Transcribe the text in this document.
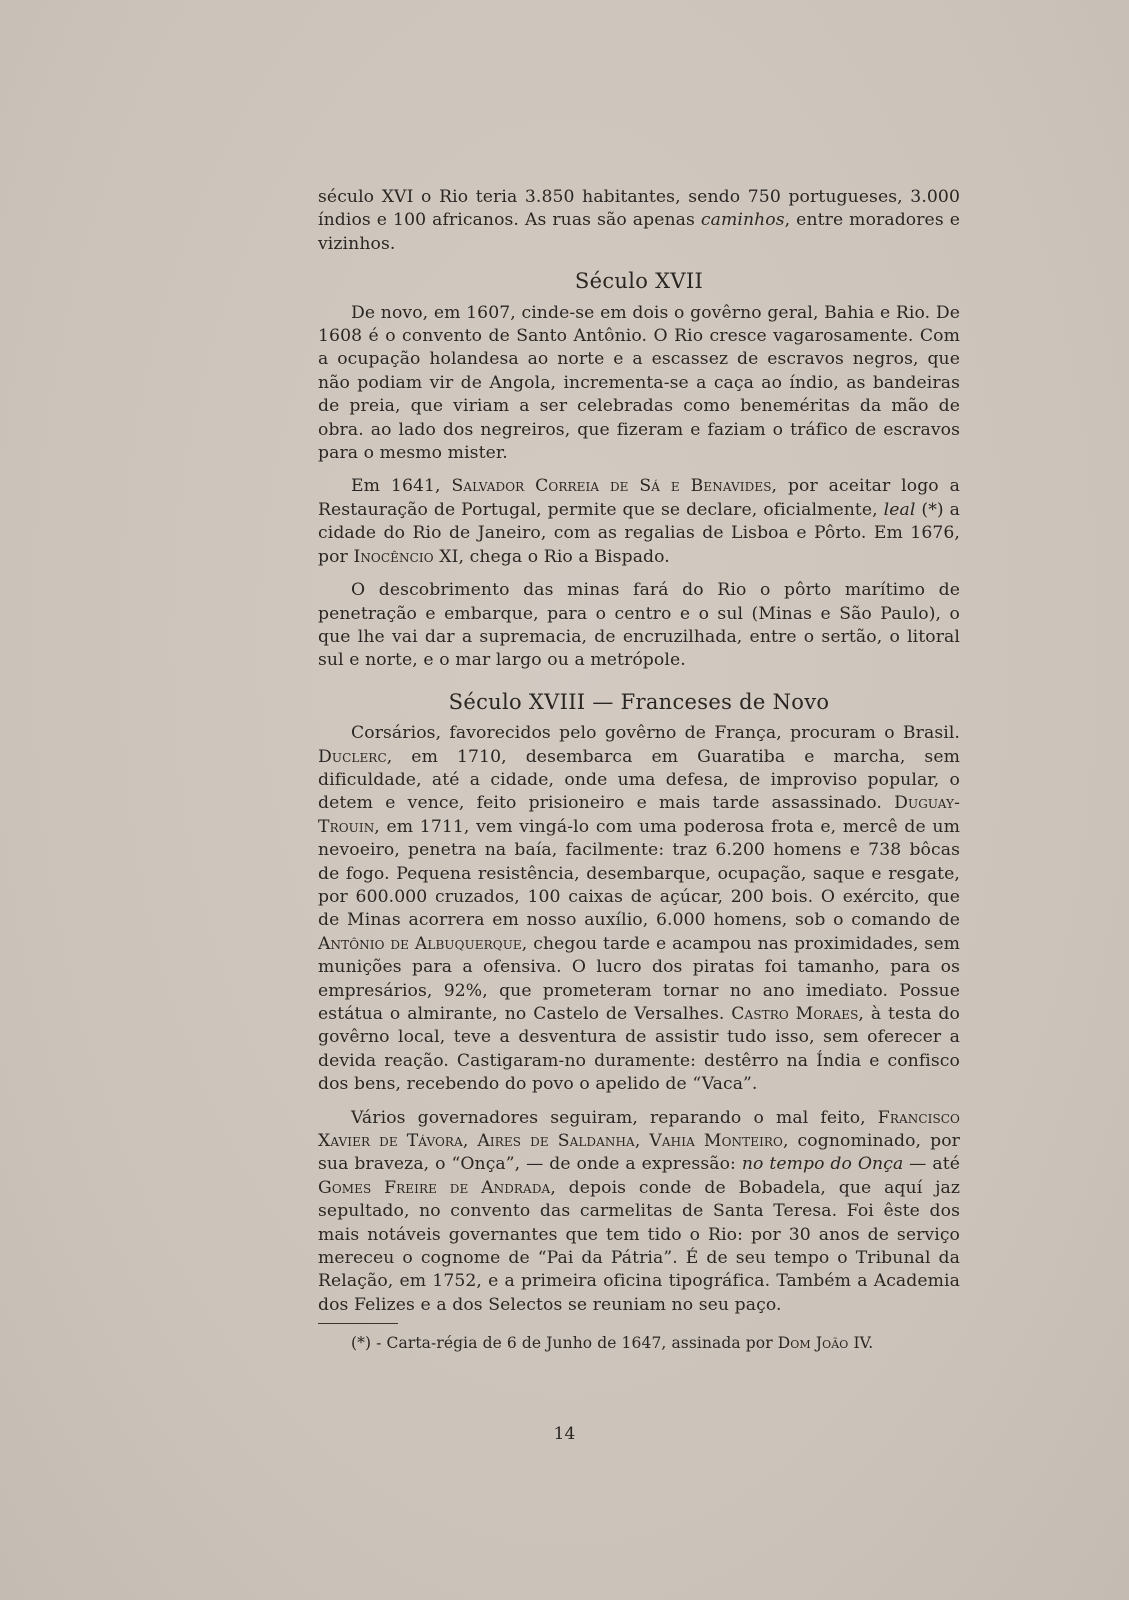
século XVI o Rio teria 3.850 habitantes, sendo 750 portugueses, 3.000 índios e 100 africanos. As ruas são apenas caminhos, entre moradores e vizinhos.

Século XVII

De novo, em 1607, cinde-se em dois o govêrno geral, Bahia e Rio. De 1608 é o convento de Santo Antônio. O Rio cresce vagarosamente. Com a ocupação holandesa ao norte e a escassez de escravos negros, que não podiam vir de Angola, incrementa-se a caça ao índio, as bandeiras de preia, que viriam a ser celebradas como beneméritas da mão de obra. ao lado dos negreiros, que fizeram e faziam o tráfico de escravos para o mesmo mister.

Em 1641, Salvador Correia de Sá e Benavides, por aceitar logo a Restauração de Portugal, permite que se declare, oficialmente, leal (*) a cidade do Rio de Janeiro, com as regalias de Lisboa e Pôrto. Em 1676, por Inocêncio XI, chega o Rio a Bispado.

O descobrimento das minas fará do Rio o pôrto marítimo de penetração e embarque, para o centro e o sul (Minas e São Paulo), o que lhe vai dar a supremacia, de encruzilhada, entre o sertão, o litoral sul e norte, e o mar largo ou a metrópole.

Século XVIII — Franceses de Novo

Corsários, favorecidos pelo govêrno de França, procuram o Brasil. Duclerc, em 1710, desembarca em Guaratiba e marcha, sem dificuldade, até a cidade, onde uma defesa, de improviso popular, o detem e vence, feito prisioneiro e mais tarde assassinado. Duguay-Trouin, em 1711, vem vingá-lo com uma poderosa frota e, mercê de um nevoeiro, penetra na baía, facilmente: traz 6.200 homens e 738 bôcas de fogo. Pequena resistência, desembarque, ocupação, saque e resgate, por 600.000 cruzados, 100 caixas de açúcar, 200 bois. O exército, que de Minas acorrera em nosso auxílio, 6.000 homens, sob o comando de Antônio de Albuquerque, chegou tarde e acampou nas proximidades, sem munições para a ofensiva. O lucro dos piratas foi tamanho, para os empresários, 92%, que prometeram tornar no ano imediato. Possue estátua o almirante, no Castelo de Versalhes. Castro Moraes, à testa do govêrno local, teve a desventura de assistir tudo isso, sem oferecer a devida reação. Castigaram-no duramente: destêrro na Índia e confisco dos bens, recebendo do povo o apelido de “Vaca”.

Vários governadores seguiram, reparando o mal feito, Francisco Xavier de Távora, Aires de Saldanha, Vahia Monteiro, cognominado, por sua braveza, o “Onça”, — de onde a expressão: no tempo do Onça — até Gomes Freire de Andrada, depois conde de Bobadela, que aquí jaz sepultado, no convento das carmelitas de Santa Teresa. Foi êste dos mais notáveis governantes que tem tido o Rio: por 30 anos de serviço mereceu o cognome de “Pai da Pátria”. É de seu tempo o Tribunal da Relação, em 1752, e a primeira oficina tipográfica. Também a Academia dos Felizes e a dos Selectos se reuniam no seu paço.

(*) - Carta-régia de 6 de Junho de 1647, assinada por Dom João IV.

14
